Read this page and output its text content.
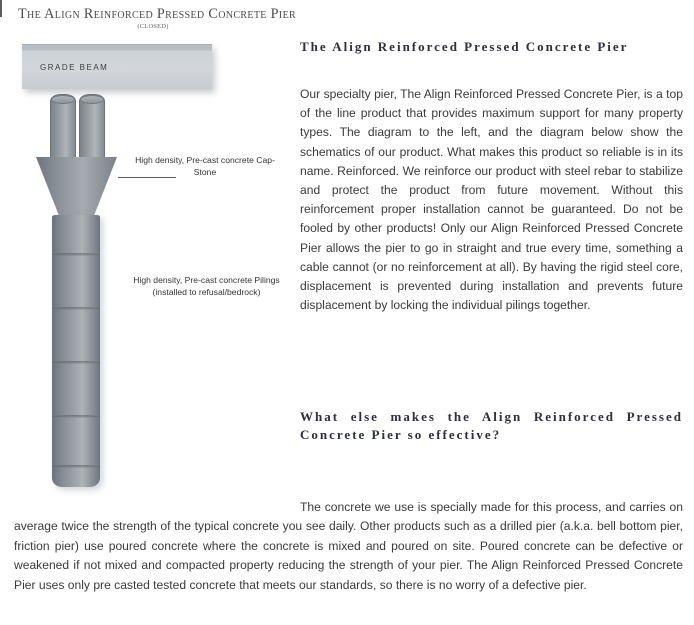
The Align Reinforced Pressed Concrete Pier
(CLOSED)
GRADE BEAM
High density, Pre-cast concrete Cap-Stone
High density, Pre-cast concrete Pilings (installed to refusal/bedrock)
The Align Reinforced Pressed Concrete Pier

Our specialty pier, The Align Reinforced Pressed Concrete Pier, is a top of the line product that provides maximum support for many property types. The diagram to the left, and the diagram below show the schematics of our product. What makes this product so reliable is in its name. Reinforced. We reinforce our product with steel rebar to stabilize and protect the product from future movement. Without this reinforcement proper installation cannot be guaranteed. Do not be fooled by other products! Only our Align Reinforced Pressed Concrete Pier allows the pier to go in straight and true every time, something a cable cannot (or no reinforcement at all). By having the rigid steel core, displacement is prevented during installation and prevents future displacement by locking the individual pilings together.

What else makes the Align Reinforced Pressed Concrete Pier so effective?

The concrete we use is specially made for this process, and carries on average twice the strength of the typical concrete you see daily. Other products such as a drilled pier (a.k.a. bell bottom pier, friction pier) use poured concrete where the concrete is mixed and poured on site. Poured concrete can be defective or weakened if not mixed and compacted property reducing the strength of your pier. The Align Reinforced Pressed Concrete Pier uses only pre casted tested concrete that meets our standards, so there is no worry of a defective pier.
